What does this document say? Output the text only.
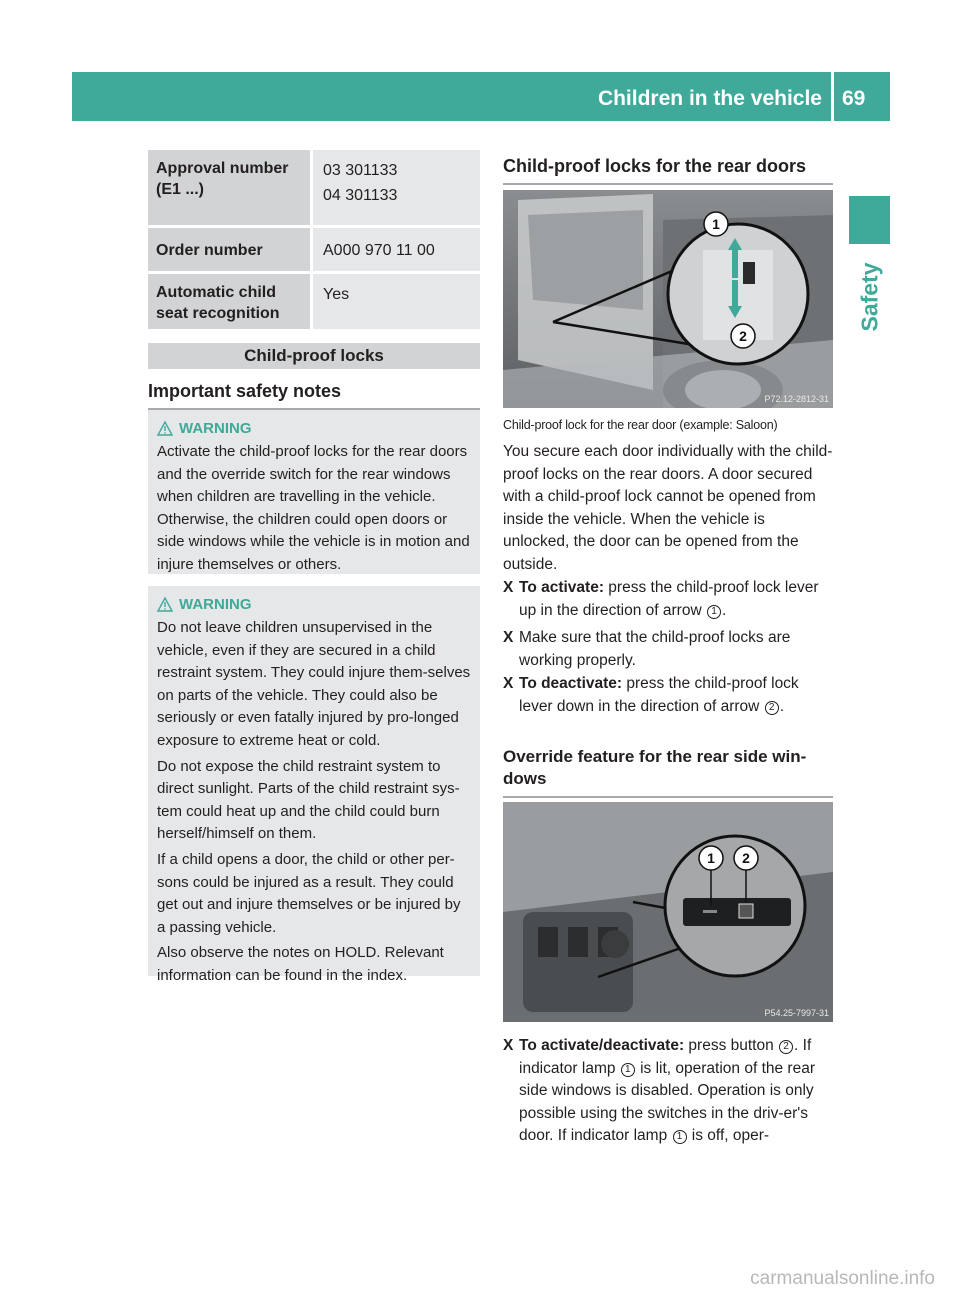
Children in the vehicle 69
Safety
Approval number (E1 ...)
03 301133
04 301133
Order number	A000 970 11 00
Automatic child seat recognition
Yes
Child-proof locks
Important safety notes
WARNING

Activate the child-proof locks for the rear doors and the override switch for the rear windows when children are travelling in the vehicle. Otherwise, the children could open doors or side windows while the vehicle is in motion and injure themselves or others.

WARNING

Do not leave children unsupervised in the vehicle, even if they are secured in a child restraint system. They could injure them-selves on parts of the vehicle. They could also be seriously or even fatally injured by pro-longed exposure to extreme heat or cold.

Do not expose the child restraint system to direct sunlight. Parts of the child restraint sys-tem could heat up and the child could burn herself/himself on them.

If a child opens a door, the child or other per-sons could be injured as a result. They could get out and injure themselves or be injured by a passing vehicle.

Also observe the notes on HOLD. Relevant information can be found in the index.

Child-proof locks for the rear doors
1
2
P72.12-2812-31
Child-proof lock for the rear door (example: Saloon)
You secure each door individually with the child-proof locks on the rear doors. A door secured with a child-proof lock cannot be opened from inside the vehicle. When the vehicle is unlocked, the door can be opened from the outside.
X To activate: press the child-proof lock lever up in the direction of arrow 1 .
X Make sure that the child-proof locks are working properly.
X To deactivate: press the child-proof lock lever down in the direction of arrow 2 .
Override feature for the rear side win-dows
1 2
P54.25-7997-31
X To activate/deactivate: press button 2 . If indicator lamp 1 is lit, operation of the rear side windows is disabled. Operation is only possible using the switches in the driv-er's door. If indicator lamp 1 is off, oper-
carmanualsonline.info
